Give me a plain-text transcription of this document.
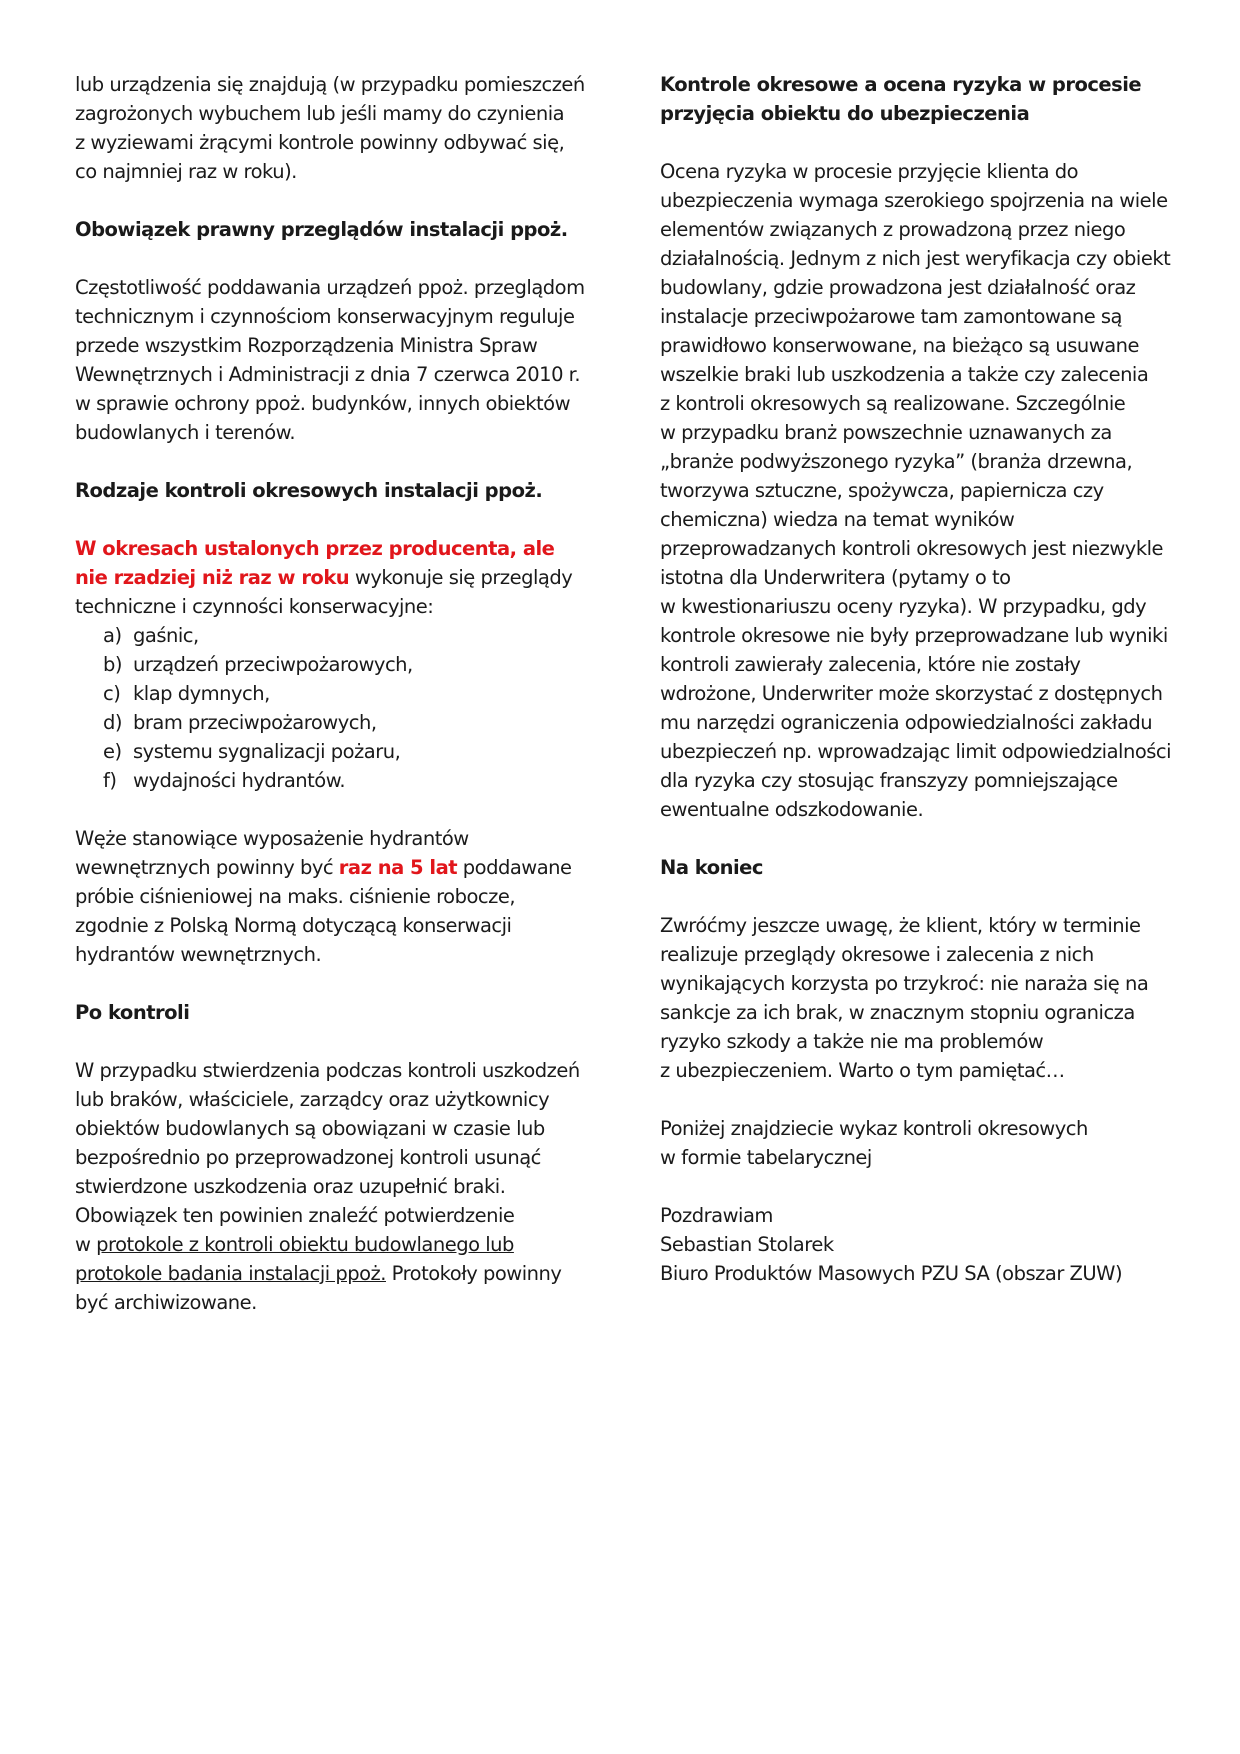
lub urządzenia się znajdują (w przypadku pomieszczeń
zagrożonych wybuchem lub jeśli mamy do czynienia
z wyziewami żrącymi kontrole powinny odbywać się,
co najmniej raz w roku).
Obowiązek prawny przeglądów instalacji ppoż.
Częstotliwość poddawania urządzeń ppoż. przeglądom
technicznym i czynnościom konserwacyjnym reguluje
przede wszystkim Rozporządzenia Ministra Spraw
Wewnętrznych i Administracji z dnia 7 czerwca 2010 r.
w sprawie ochrony ppoż. budynków, innych obiektów
budowlanych i terenów.
Rodzaje kontroli okresowych instalacji ppoż.
W okresach ustalonych przez producenta, ale
nie rzadziej niż raz w roku wykonuje się przeglądy
techniczne i czynności konserwacyjne:
a) gaśnic,
b) urządzeń przeciwpożarowych,
c) klap dymnych,
d) bram przeciwpożarowych,
e) systemu sygnalizacji pożaru,
f) wydajności hydrantów.
Węże stanowiące wyposażenie hydrantów
wewnętrznych powinny być raz na 5 lat poddawane
próbie ciśnieniowej na maks. ciśnienie robocze,
zgodnie z Polską Normą dotyczącą konserwacji
hydrantów wewnętrznych.
Po kontroli
W przypadku stwierdzenia podczas kontroli uszkodzeń
lub braków, właściciele, zarządcy oraz użytkownicy
obiektów budowlanych są obowiązani w czasie lub
bezpośrednio po przeprowadzonej kontroli usunąć
stwierdzone uszkodzenia oraz uzupełnić braki.
Obowiązek ten powinien znaleźć potwierdzenie
w protokole z kontroli obiektu budowlanego lub
protokole badania instalacji ppoż. Protokoły powinny
być archiwizowane.
Kontrole okresowe a ocena ryzyka w procesie
przyjęcia obiektu do ubezpieczenia
Ocena ryzyka w procesie przyjęcie klienta do
ubezpieczenia wymaga szerokiego spojrzenia na wiele
elementów związanych z prowadzoną przez niego
działalnością. Jednym z nich jest weryfikacja czy obiekt
budowlany, gdzie prowadzona jest działalność oraz
instalacje przeciwpożarowe tam zamontowane są
prawidłowo konserwowane, na bieżąco są usuwane
wszelkie braki lub uszkodzenia a także czy zalecenia
z kontroli okresowych są realizowane. Szczególnie
w przypadku branż powszechnie uznawanych za
„branże podwyższonego ryzyka” (branża drzewna,
tworzywa sztuczne, spożywcza, papiernicza czy
chemiczna) wiedza na temat wyników
przeprowadzanych kontroli okresowych jest niezwykle
istotna dla Underwritera (pytamy o to
w kwestionariuszu oceny ryzyka). W przypadku, gdy
kontrole okresowe nie były przeprowadzane lub wyniki
kontroli zawierały zalecenia, które nie zostały
wdrożone, Underwriter może skorzystać z dostępnych
mu narzędzi ograniczenia odpowiedzialności zakładu
ubezpieczeń np. wprowadzając limit odpowiedzialności
dla ryzyka czy stosując franszyzy pomniejszające
ewentualne odszkodowanie.
Na koniec
Zwróćmy jeszcze uwagę, że klient, który w terminie
realizuje przeglądy okresowe i zalecenia z nich
wynikających korzysta po trzykroć: nie naraża się na
sankcje za ich brak, w znacznym stopniu ogranicza
ryzyko szkody a także nie ma problemów
z ubezpieczeniem. Warto o tym pamiętać…
Poniżej znajdziecie wykaz kontroli okresowych
w formie tabelarycznej
Pozdrawiam
Sebastian Stolarek
Biuro Produktów Masowych PZU SA (obszar ZUW)
